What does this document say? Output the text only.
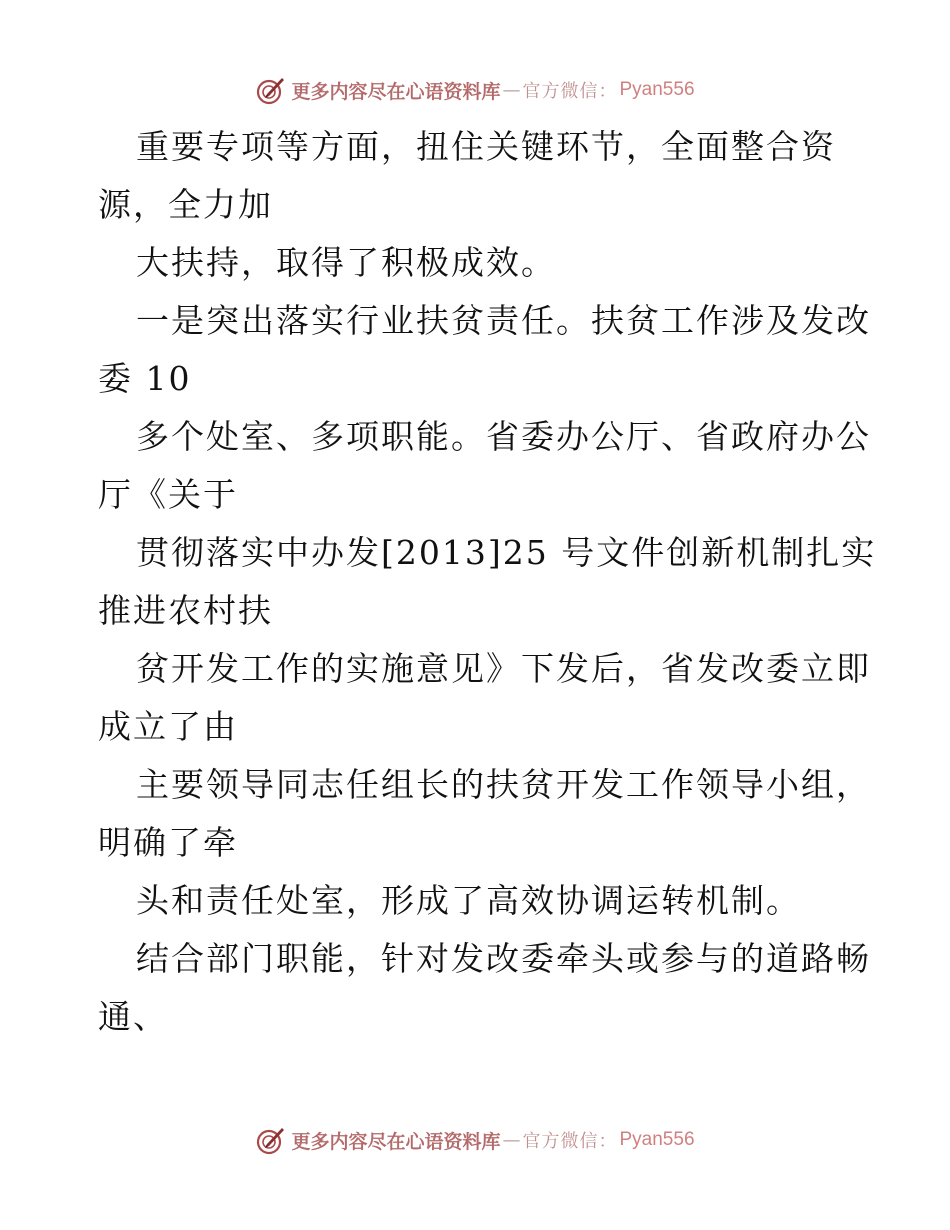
更多内容尽在心语资料库 — 官方微信： Pyan556
重要专项等方面，扭住关键环节，全面整合资
源，全力加
大扶持，取得了积极成效。
一是突出落实行业扶贫责任。扶贫工作涉及发改
委 10
多个处室、多项职能。省委办公厅、省政府办公
厅《关于
贯彻落实中办发[2013]25 号文件创新机制扎实
推进农村扶
贫开发工作的实施意见》下发后，省发改委立即
成立了由
主要领导同志任组长的扶贫开发工作领导小组，
明确了牵
头和责任处室，形成了高效协调运转机制。
结合部门职能，针对发改委牵头或参与的道路畅
通、
更多内容尽在心语资料库 — 官方微信： Pyan556
